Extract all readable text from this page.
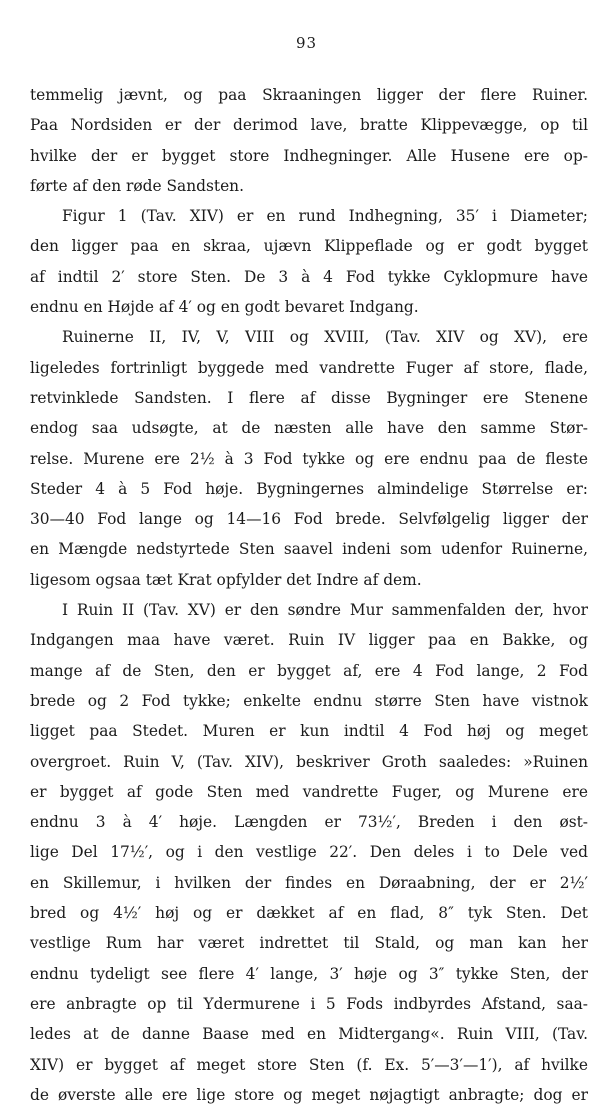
93
temmelig jævnt, og paa Skraaningen ligger der flere Ruiner.
Paa Nordsiden er der derimod lave, bratte Klippevægge, op til
hvilke der er bygget store Indhegninger. Alle Husene ere op-
førte af den røde Sandsten.
Figur 1 (Tav. XIV) er en rund Indhegning, 35′ i Diameter;
den ligger paa en skraa, ujævn Klippeflade og er godt bygget
af indtil 2′ store Sten. De 3 à 4 Fod tykke Cyklopmure have
endnu en Højde af 4′ og en godt bevaret Indgang.
Ruinerne II, IV, V, VIII og XVIII, (Tav. XIV og XV), ere
ligeledes fortrinligt byggede med vandrette Fuger af store, flade,
retvinklede Sandsten. I flere af disse Bygninger ere Stenene
endog saa udsøgte, at de næsten alle have den samme Stør-
relse. Murene ere 2½ à 3 Fod tykke og ere endnu paa de fleste
Steder 4 à 5 Fod høje. Bygningernes almindelige Størrelse er:
30—40 Fod lange og 14—16 Fod brede. Selvfølgelig ligger der
en Mængde nedstyrtede Sten saavel indeni som udenfor Ruinerne,
ligesom ogsaa tæt Krat opfylder det Indre af dem.
I Ruin II (Tav. XV) er den søndre Mur sammenfalden der, hvor
Indgangen maa have været. Ruin IV ligger paa en Bakke, og
mange af de Sten, den er bygget af, ere 4 Fod lange, 2 Fod
brede og 2 Fod tykke; enkelte endnu større Sten have vistnok
ligget paa Stedet. Muren er kun indtil 4 Fod høj og meget
overgroet. Ruin V, (Tav. XIV), beskriver Groth saaledes: »Ruinen
er bygget af gode Sten med vandrette Fuger, og Murene ere
endnu 3 à 4′ høje. Længden er 73½′, Breden i den øst-
lige Del 17½′, og i den vestlige 22′. Den deles i to Dele ved
en Skillemur, i hvilken der findes en Døraabning, der er 2½′
bred og 4½′ høj og er dækket af en flad, 8″ tyk Sten. Det
vestlige Rum har været indrettet til Stald, og man kan her
endnu tydeligt see flere 4′ lange, 3′ høje og 3″ tykke Sten, der
ere anbragte op til Ydermurene i 5 Fods indbyrdes Afstand, saa-
ledes at de danne Baase med en Midtergang«. Ruin VIII, (Tav.
XIV) er bygget af meget store Sten (f. Ex. 5′—3′—1′), af hvilke
de øverste alle ere lige store og meget nøjagtigt anbragte; dog er
